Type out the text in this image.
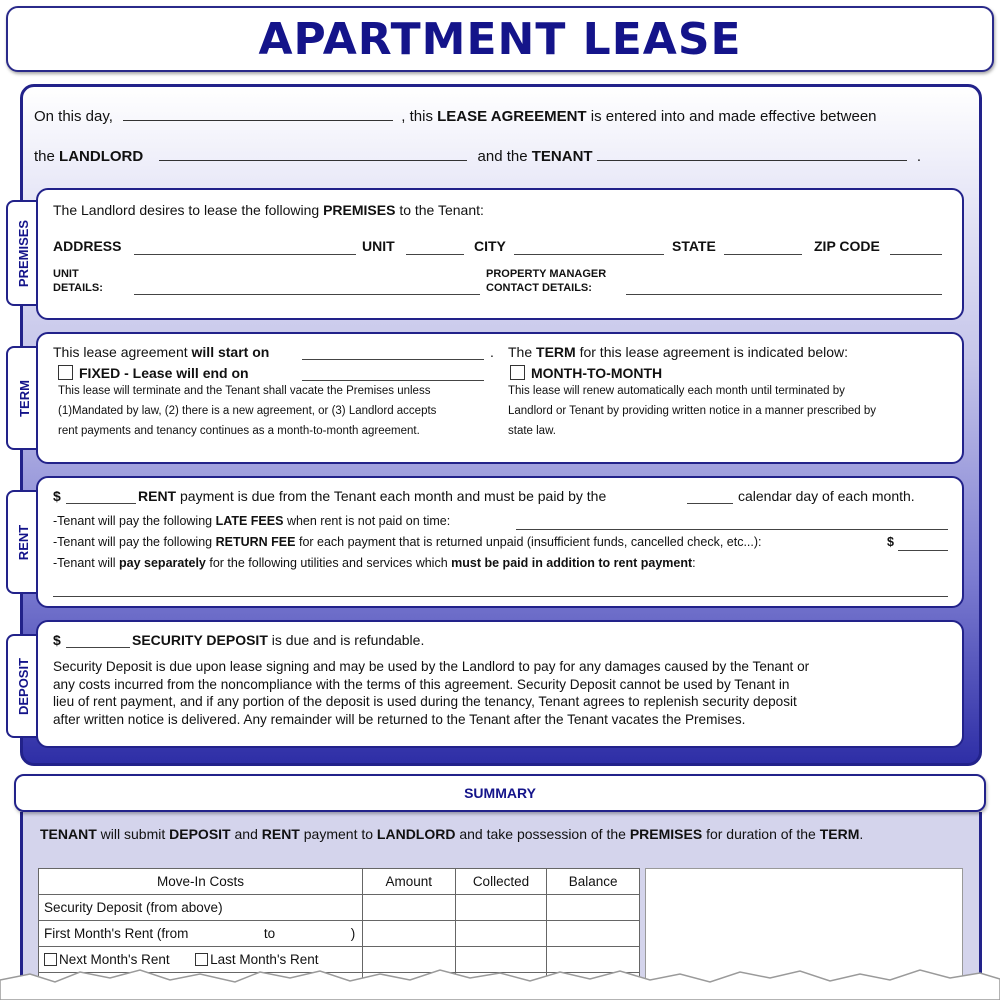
APARTMENT LEASE
On this day,	, this LEASE AGREEMENT is entered into and made effective between
the LANDLORD	and the TENANT	.
PREMISES
The Landlord desires to lease the following PREMISES to the Tenant:
ADDRESS	UNIT	CITY	STATE	ZIP CODE
UNIT
DETAILS:
PROPERTY MANAGER
CONTACT DETAILS:
TERM
This lease agreement will start on	. The TERM for this lease agreement is indicated below:
FIXED - Lease will end on
This lease will terminate and the Tenant shall vacate the Premises unless
(1)Mandated by law, (2) there is a new agreement, or (3) Landlord accepts
rent payments and tenancy continues as a month-to-month agreement.
MONTH-TO-MONTH
This lease will renew automatically each month until terminated by
Landlord or Tenant by providing written notice in a manner prescribed by
state law.
RENT
$	RENT payment is due from the Tenant each month and must be paid by the	calendar day of each month.
-Tenant will pay the following LATE FEES when rent is not paid on time:
-Tenant will pay the following RETURN FEE for each payment that is returned unpaid (insufficient funds, cancelled check, etc...):	$
-Tenant will pay separately for the following utilities and services which must be paid in addition to rent payment:
DEPOSIT
$	SECURITY DEPOSIT is due and is refundable.
Security Deposit is due upon lease signing and may be used by the Landlord to pay for any damages caused by the Tenant or
any costs incurred from the noncompliance with the terms of this agreement. Security Deposit cannot be used by Tenant in
lieu of rent payment, and if any portion of the deposit is used during the tenancy, Tenant agrees to replenish security deposit
after written notice is delivered. Any remainder will be returned to the Tenant after the Tenant vacates the Premises.
SUMMARY
TENANT will submit DEPOSIT and RENT payment to LANDLORD and take possession of the PREMISES for duration of the TERM.
Move-In Costs	Amount	Collected	Balance
Security Deposit (from above)			
First Month's Rent (from to )			
Next Month's Rent Last Month's Rent			
